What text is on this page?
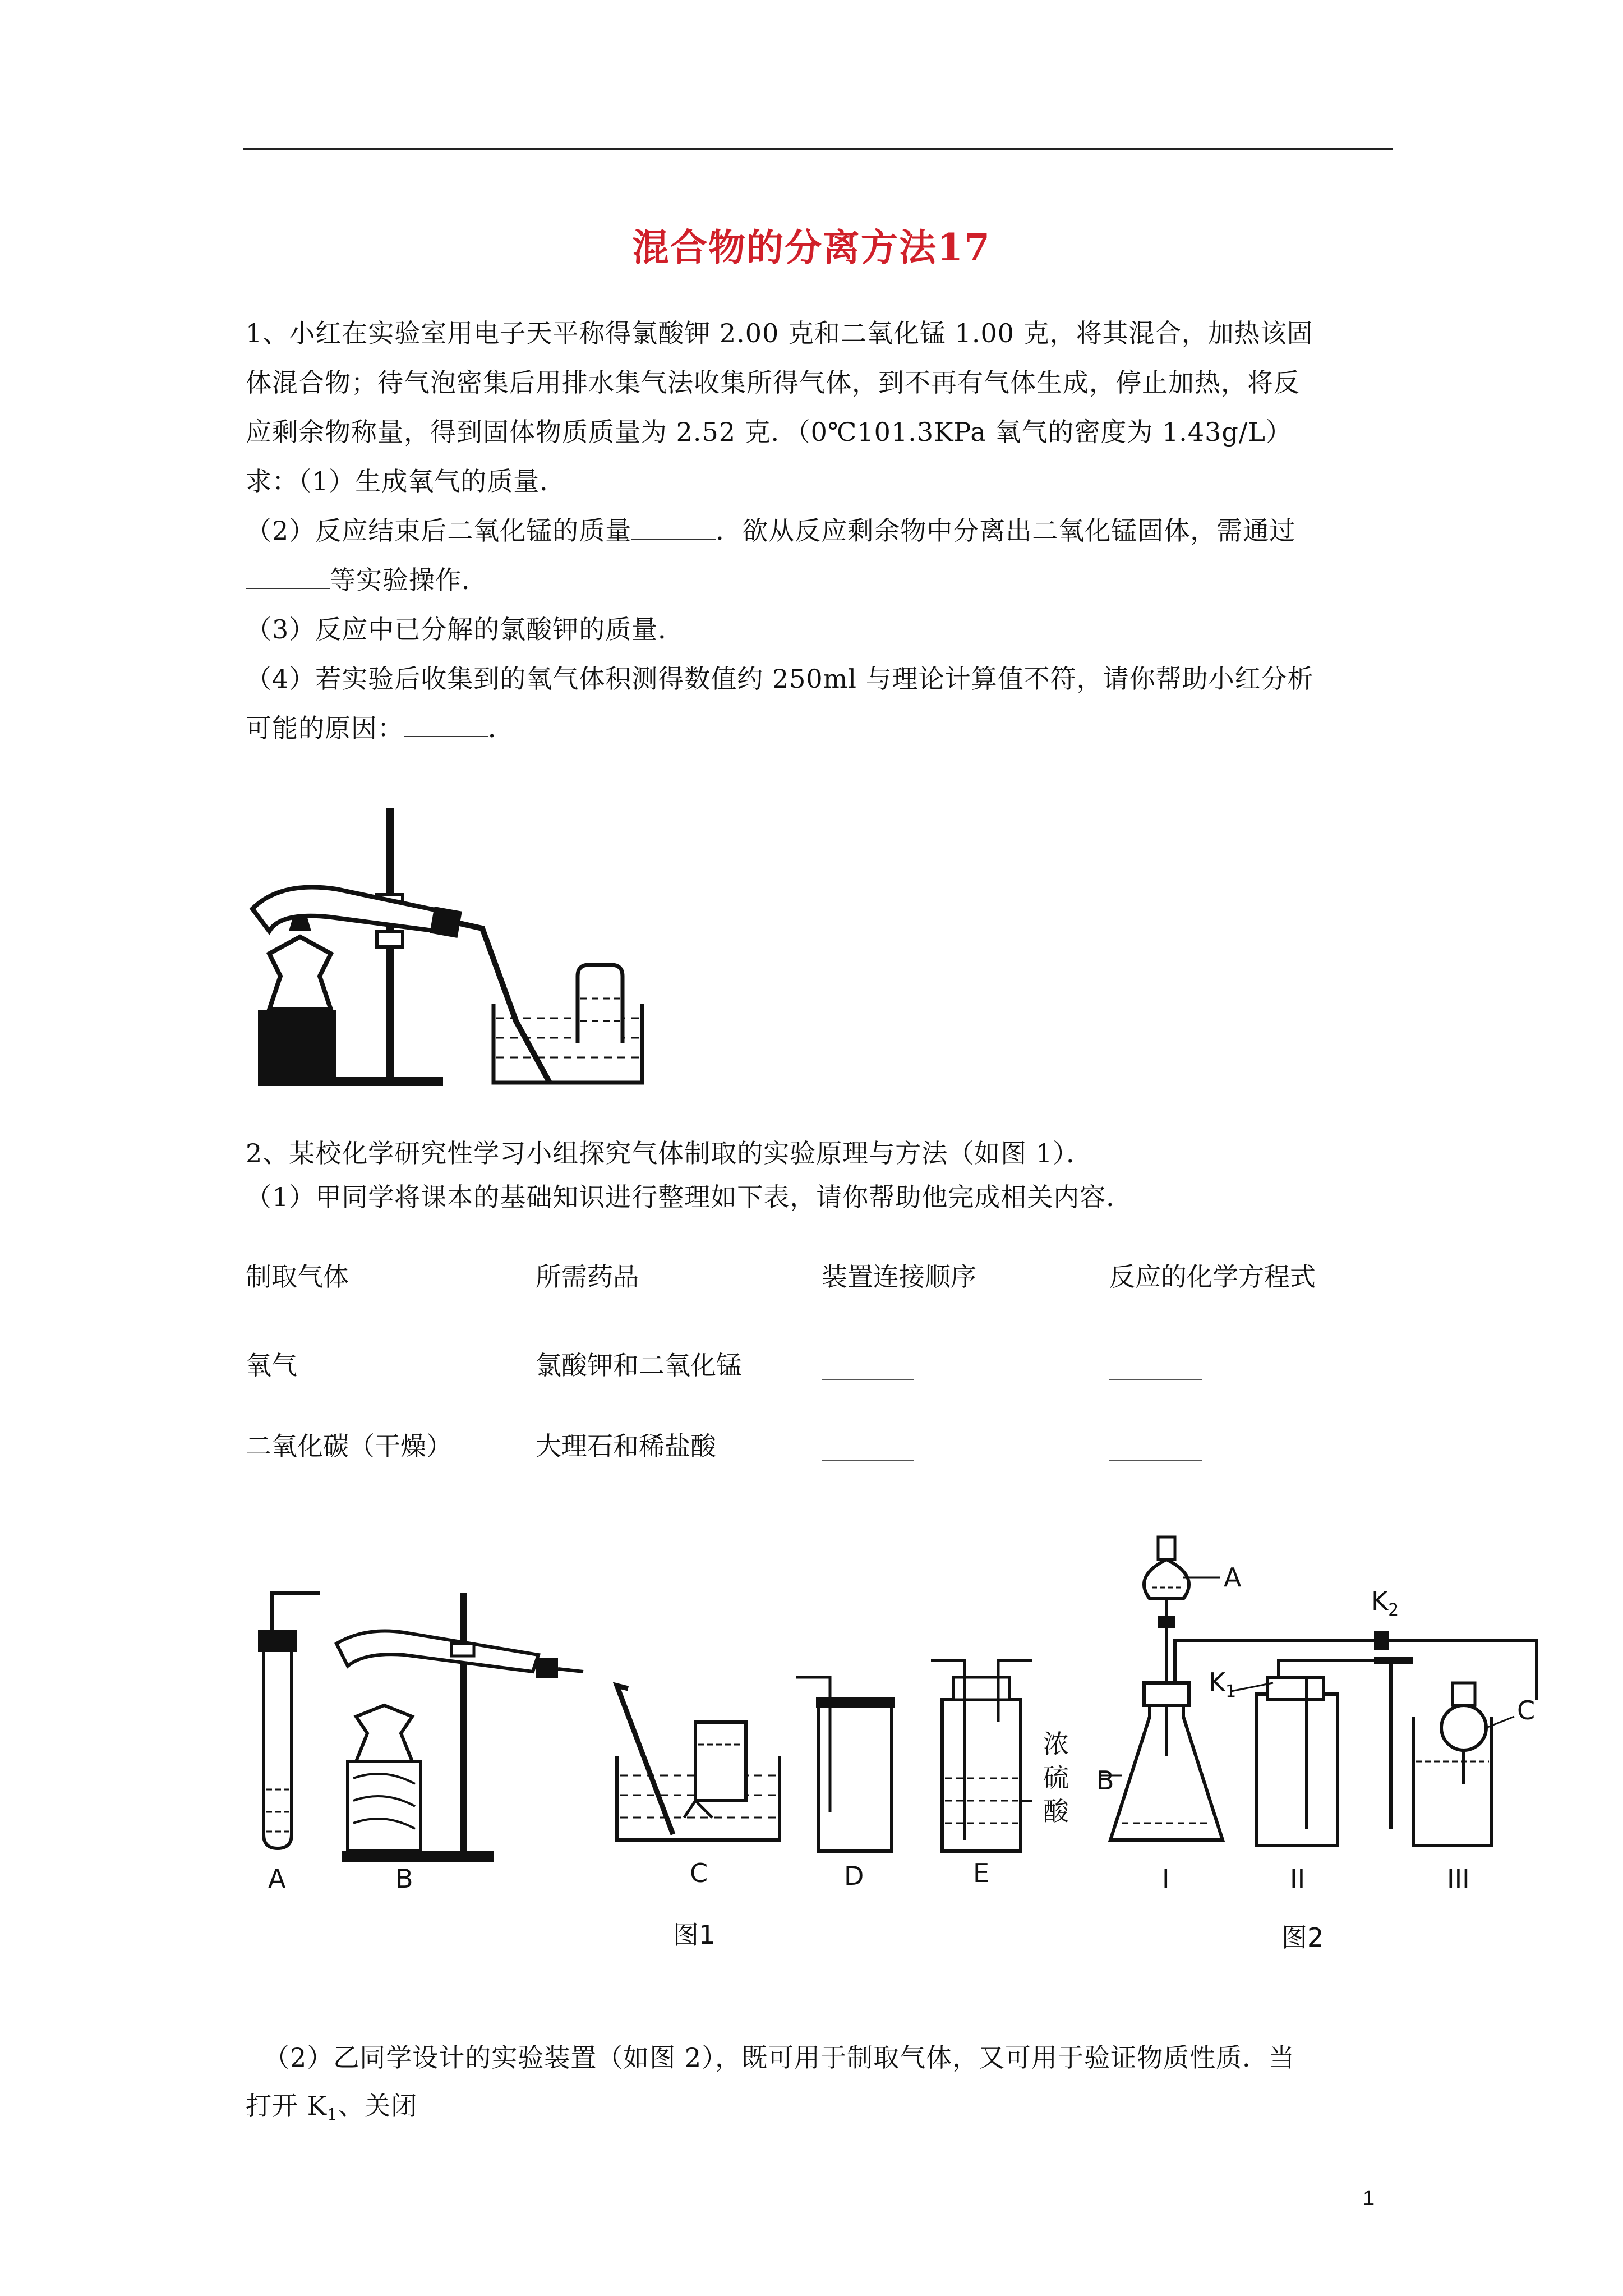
混合物的分离方法17
1、小红在实验室用电子天平称得氯酸钾 2.00 克和二氧化锰 1.00 克，将其混合，加热该固
体混合物；待气泡密集后用排水集气法收集所得气体，到不再有气体生成，停止加热，将反
应剩余物称量，得到固体物质质量为 2.52 克．（0℃101.3KPa 氧气的密度为 1.43g/L）
求：（1）生成氧气的质量．
（2）反应结束后二氧化锰的质量	．欲从反应剩余物中分离出二氧化锰固体，需通过
等实验操作．
（3）反应中已分解的氯酸钾的质量．
（4）若实验后收集到的氧气体积测得数值约 250ml 与理论计算值不符，请你帮助小红分析
可能的原因：	．
2、某校化学研究性学习小组探究气体制取的实验原理与方法（如图 1）．
（1）甲同学将课本的基础知识进行整理如下表，请你帮助他完成相关内容．
制取气体	所需药品	装置连接顺序	反应的化学方程式
氧气	氯酸钾和二氧化锰
二氧化碳（干燥）	大理石和稀盐酸
A	B	C	D	E
浓
硫
酸
图1
A
B
C
$K_1$
$K_2$
I	II	III
图2
（2）乙同学设计的实验装置（如图 2），既可用于制取气体，又可用于验证物质性质．当
打开 $K_1$、关闭
1
